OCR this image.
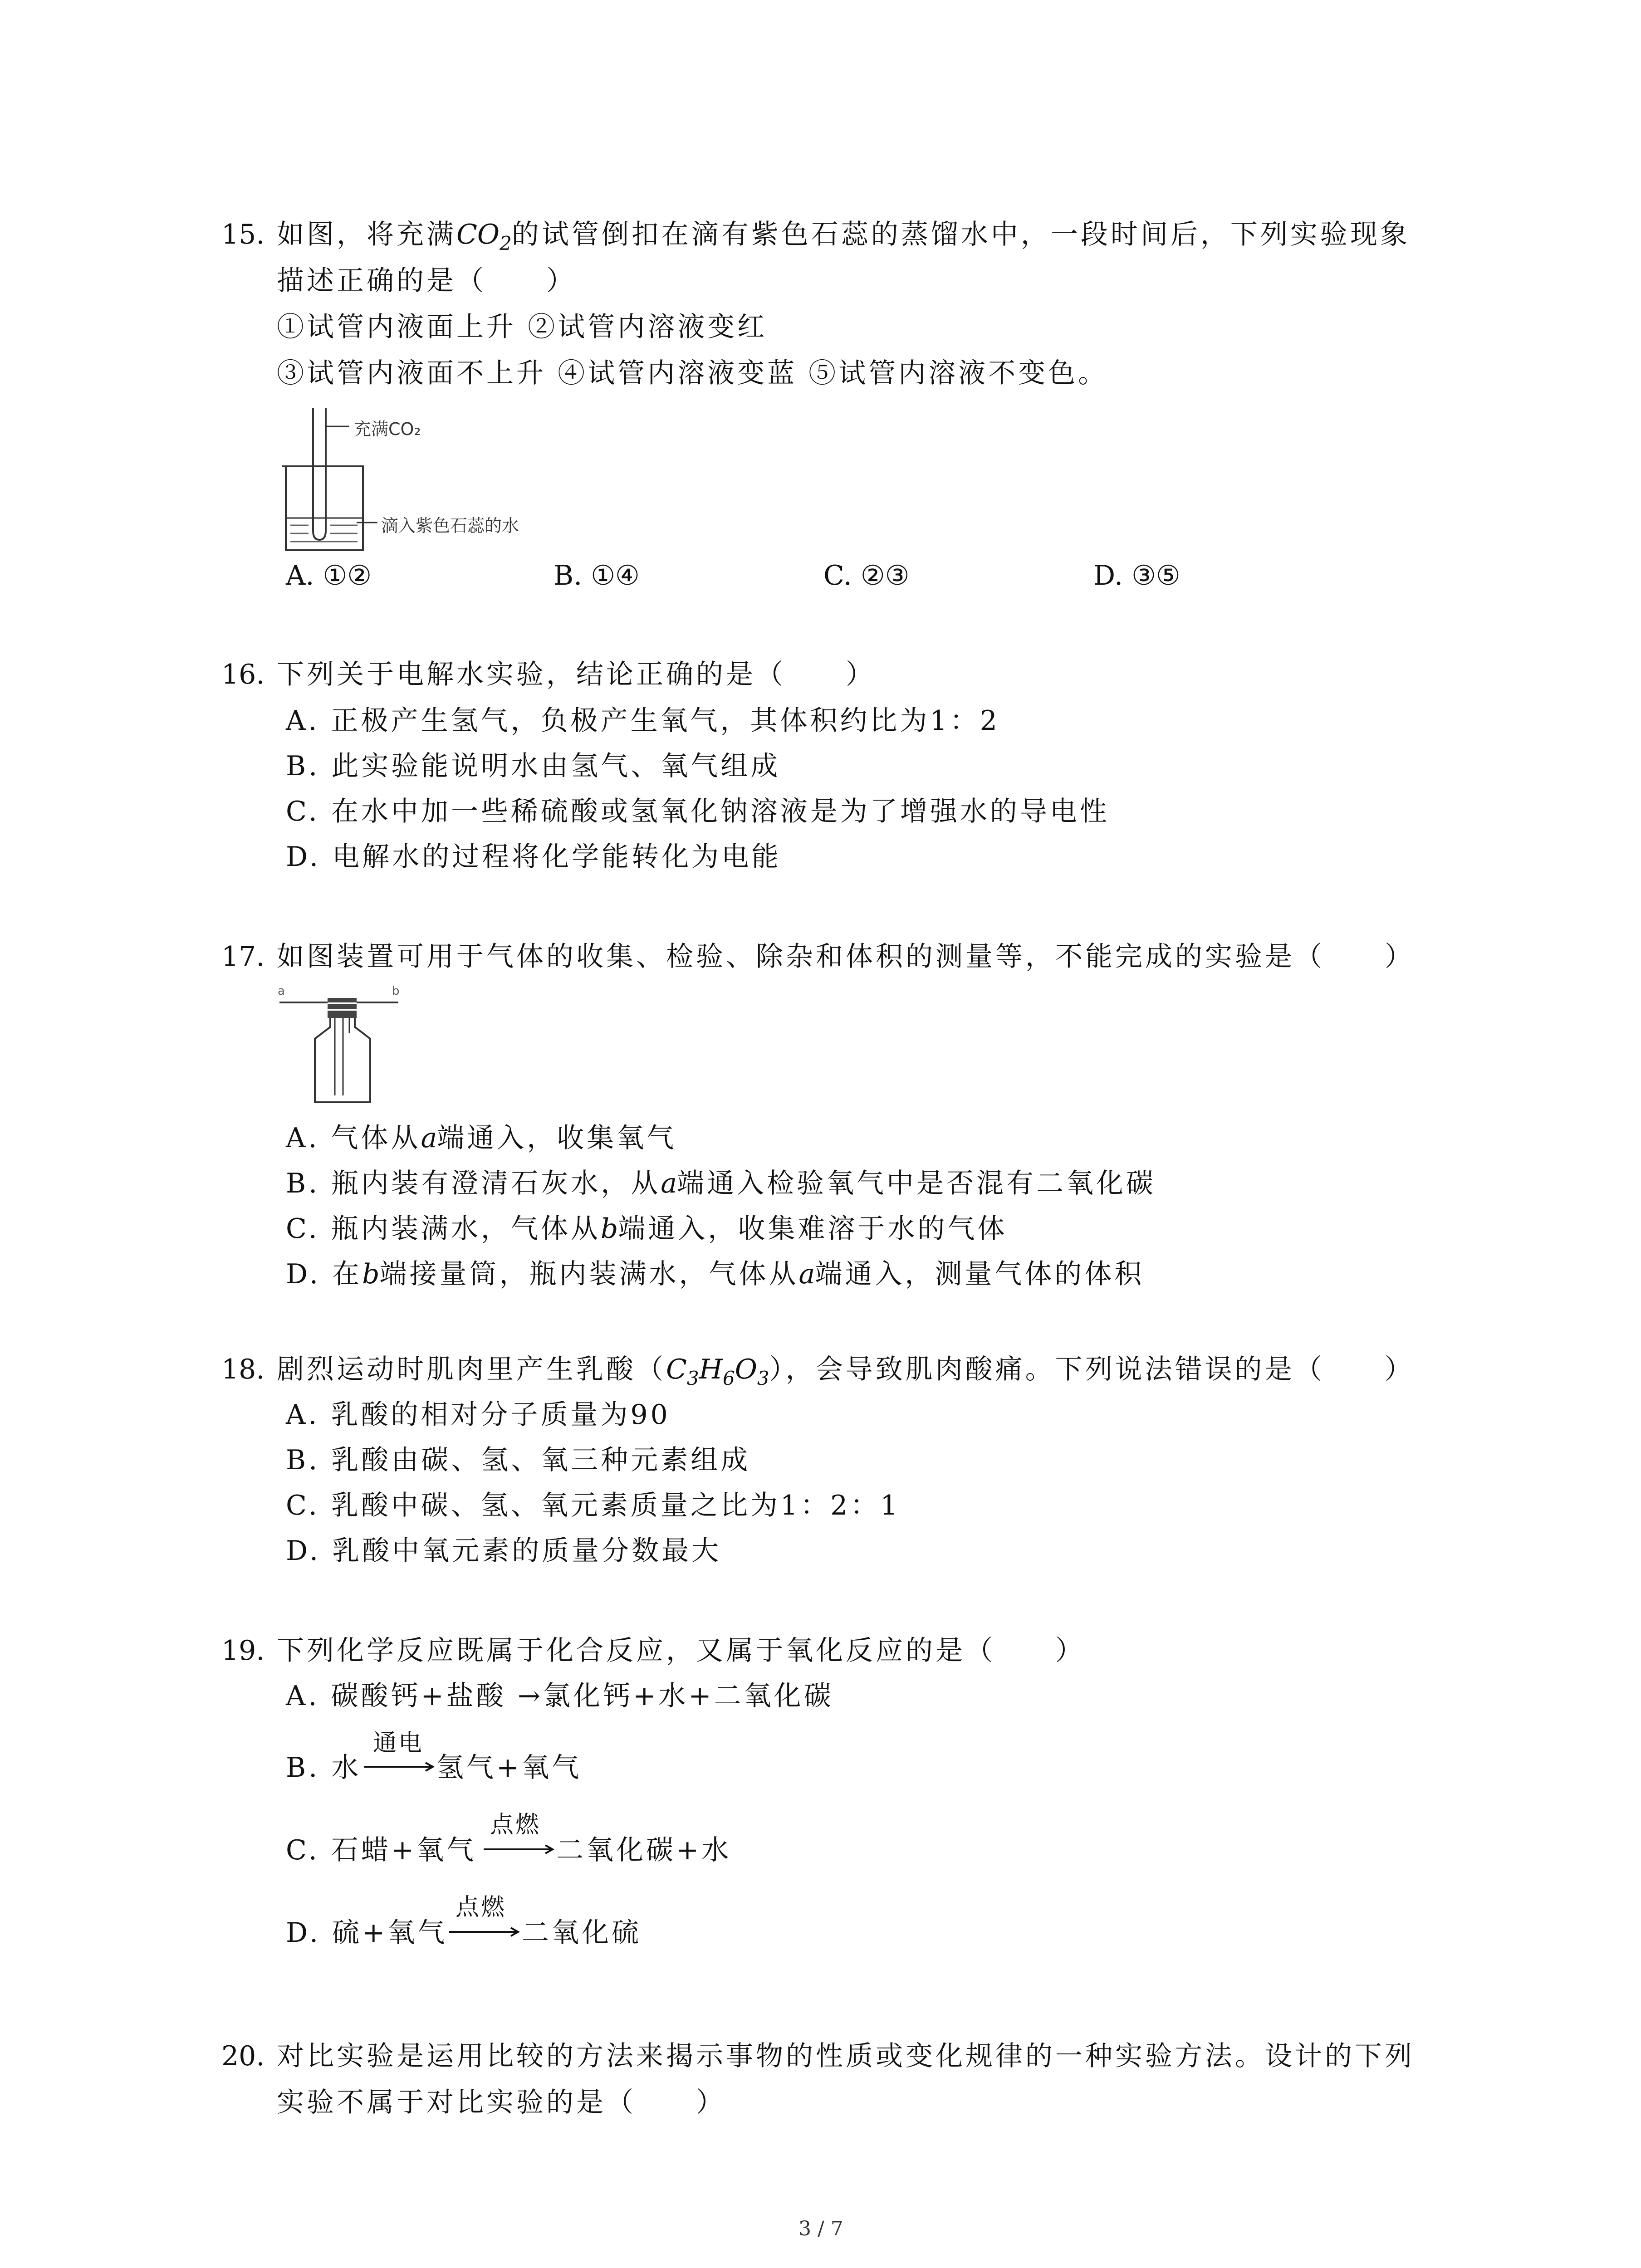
15. 如图，将充满$CO_2$的试管倒扣在滴有紫色石蕊的蒸馏水中，一段时间后，下列实验现象
描述正确的是（　　）
①试管内液面上升 ②试管内溶液变红
③试管内液面不上升 ④试管内溶液变蓝 ⑤试管内溶液不变色。
充满CO₂
滴入紫色石蕊的水
A. ①②	B. ①④	C. ②③	D. ③⑤
16. 下列关于电解水实验，结论正确的是（　　）
A. 正极产生氢气，负极产生氧气，其体积约比为1：2
B. 此实验能说明水由氢气、氧气组成
C. 在水中加一些稀硫酸或氢氧化钠溶液是为了增强水的导电性
D. 电解水的过程将化学能转化为电能
17. 如图装置可用于气体的收集、检验、除杂和体积的测量等，不能完成的实验是（　　）
a	b
A. 气体从a端通入，收集氧气
B. 瓶内装有澄清石灰水，从a端通入检验氧气中是否混有二氧化碳
C. 瓶内装满水，气体从b端通入，收集难溶于水的气体
D. 在b端接量筒，瓶内装满水，气体从a端通入，测量气体的体积
18. 剧烈运动时肌肉里产生乳酸$(C_3H_6O_3)$，会导致肌肉酸痛。下列说法错误的是（　　）
A. 乳酸的相对分子质量为90
B. 乳酸由碳、氢、氧三种元素组成
C. 乳酸中碳、氢、氧元素质量之比为1：2：1
D. 乳酸中氧元素的质量分数最大
19. 下列化学反应既属于化合反应，又属于氧化反应的是（　　）
A. 碳酸钙+盐酸 →氯化钙+水+二氧化碳
B. 水
通电
氢气+氧气
C. 石蜡+氧气
点燃
二氧化碳+水
D. 硫+氧气
点燃
二氧化硫
20. 对比实验是运用比较的方法来揭示事物的性质或变化规律的一种实验方法。设计的下列
实验不属于对比实验的是（　　）
3 / 7
